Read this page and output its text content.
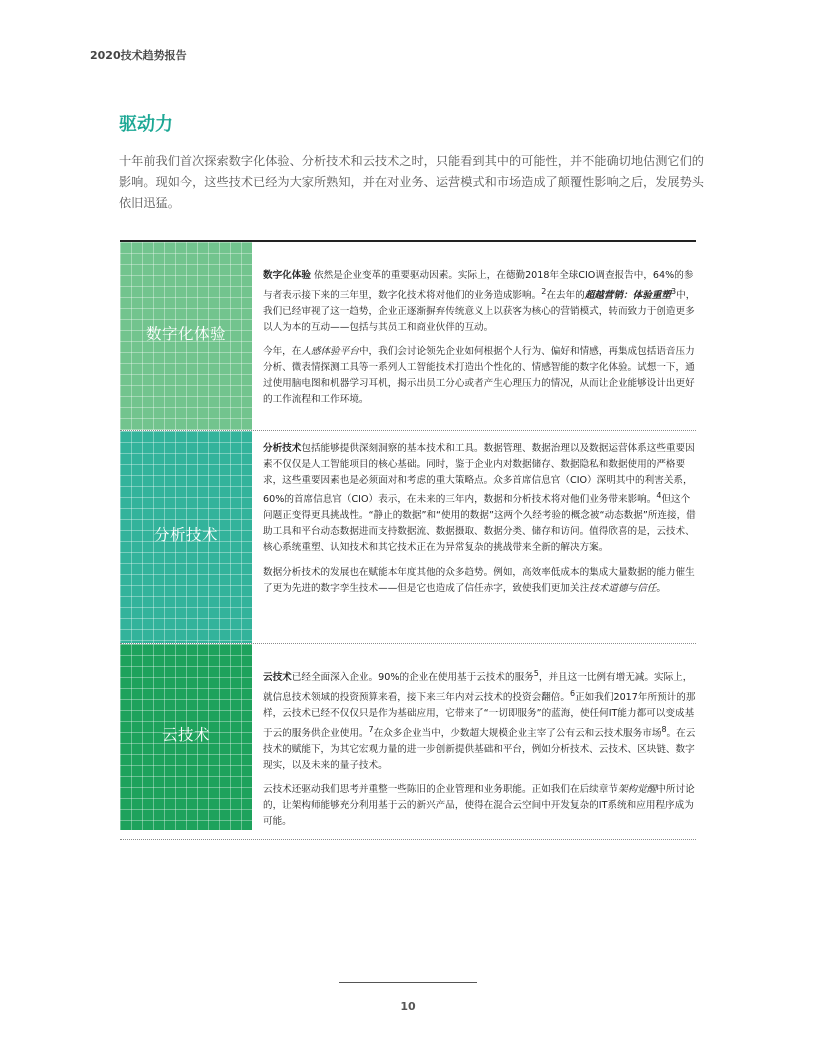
2020技术趋势报告
驱动力
十年前我们首次探索数字化体验、分析技术和云技术之时，只能看到其中的可能性，并不能确切地估测它们的影响。现如今，这些技术已经为大家所熟知，并在对业务、运营模式和市场造成了颠覆性影响之后，发展势头依旧迅猛。
数字化体验

数字化体验 依然是企业变革的重要驱动因素。实际上，在德勤2018年全球CIO调查报告中，64%的参与者表示接下来的三年里，数字化技术将对他们的业务造成影响。$^2$在去年的超越营销：体验重塑$^3$中，我们已经审视了这一趋势，企业正逐渐摒弃传统意义上以获客为核心的营销模式，转而致力于创造更多以人为本的互动——包括与其员工和商业伙伴的互动。

今年，在人感体验平台中，我们会讨论领先企业如何根据个人行为、偏好和情感，再集成包括语音压力分析、微表情探测工具等一系列人工智能技术打造出个性化的、情感智能的数字化体验。试想一下，通过使用脑电图和机器学习耳机，揭示出员工分心或者产生心理压力的情况，从而让企业能够设计出更好的工作流程和工作环境。

分析技术

分析技术包括能够提供深刻洞察的基本技术和工具。数据管理、数据治理以及数据运营体系这些重要因素不仅仅是人工智能项目的核心基础。同时，鉴于企业内对数据储存、数据隐私和数据使用的严格要求，这些重要因素也是必须面对和考虑的重大策略点。众多首席信息官（CIO）深明其中的利害关系，60%的首席信息官（CIO）表示，在未来的三年内，数据和分析技术将对他们业务带来影响。$^4$但这个问题正变得更具挑战性。“静止的数据”和“使用的数据”这两个久经考验的概念被“动态数据”所连接，借助工具和平台动态数据进而支持数据流、数据摄取、数据分类、储存和访问。值得欣喜的是，云技术、核心系统重塑、认知技术和其它技术正在为异常复杂的挑战带来全新的解决方案。

数据分析技术的发展也在赋能本年度其他的众多趋势。例如，高效率低成本的集成大量数据的能力催生了更为先进的数字孪生技术——但是它也造成了信任赤字，致使我们更加关注技术道德与信任。

云技术

云技术已经全面深入企业。90%的企业在使用基于云技术的服务$^5$，并且这一比例有增无减。实际上，就信息技术领域的投资预算来看，接下来三年内对云技术的投资会翻倍。$^6$正如我们2017年所预计的那样，云技术已经不仅仅只是作为基础应用，它带来了“一切即服务”的蓝海，使任何IT能力都可以变成基于云的服务供企业使用。$^7$在众多企业当中，少数超大规模企业主宰了公有云和云技术服务市场$^8$。在云技术的赋能下，为其它宏观力量的进一步创新提供基础和平台，例如分析技术、云技术、区块链、数字现实，以及未来的量子技术。

云技术还驱动我们思考并重整一些陈旧的企业管理和业务职能。正如我们在后续章节架构觉醒中所讨论的，让架构师能够充分利用基于云的新兴产品，使得在混合云空间中开发复杂的IT系统和应用程序成为可能。

10
